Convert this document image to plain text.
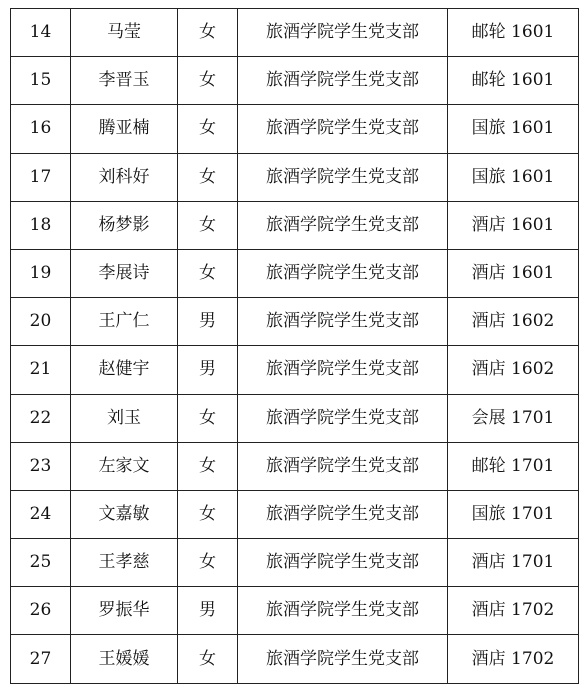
14	马莹	女	旅酒学院学生党支部	邮轮 1601
15	李晋玉	女	旅酒学院学生党支部	邮轮 1601
16	腾亚楠	女	旅酒学院学生党支部	国旅 1601
17	刘科好	女	旅酒学院学生党支部	国旅 1601
18	杨梦影	女	旅酒学院学生党支部	酒店 1601
19	李展诗	女	旅酒学院学生党支部	酒店 1601
20	王广仁	男	旅酒学院学生党支部	酒店 1602
21	赵健宇	男	旅酒学院学生党支部	酒店 1602
22	刘玉	女	旅酒学院学生党支部	会展 1701
23	左家文	女	旅酒学院学生党支部	邮轮 1701
24	文嘉敏	女	旅酒学院学生党支部	国旅 1701
25	王孝慈	女	旅酒学院学生党支部	酒店 1701
26	罗振华	男	旅酒学院学生党支部	酒店 1702
27	王媛媛	女	旅酒学院学生党支部	酒店 1702
